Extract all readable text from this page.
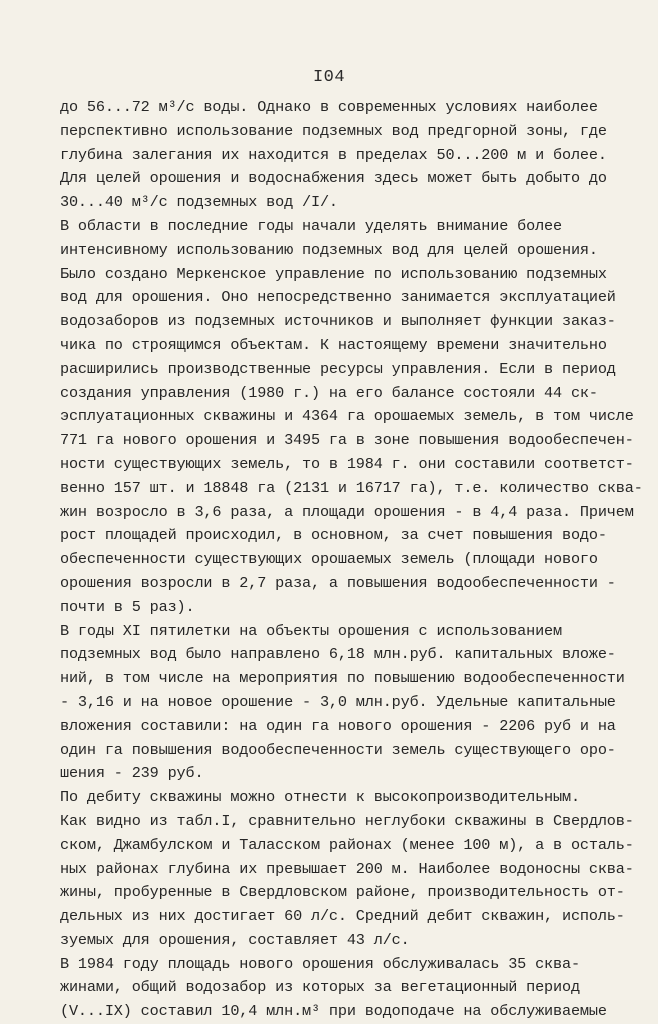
I04
до 56...72 м³/с воды. Однако в современных условиях наиболее
перспективно использование подземных вод предгорной зоны, где
глубина залегания их находится в пределах 50...200 м и более.
Для целей орошения и водоснабжения здесь может быть добыто до
30...40 м³/с подземных вод /I/.
В области в последние годы начали уделять внимание более
интенсивному использованию подземных вод для целей орошения.
Было создано Меркенское управление по использованию подземных
вод для орошения. Оно непосредственно занимается эксплуатацией
водозаборов из подземных источников и выполняет функции заказ-
чика по строящимся объектам. К настоящему времени значительно
расширились производственные ресурсы управления. Если в период
создания управления (1980 г.) на его балансе состояли 44 ск-
эсплуатационных скважины и 4364 га орошаемых земель, в том числе
771 га нового орошения и 3495 га в зоне повышения водообеспечен-
ности существующих земель, то в 1984 г. они составили соответст-
венно 157 шт. и 18848 га (2131 и 16717 га), т.е. количество сква-
жин возросло в 3,6 раза, а площади орошения - в 4,4 раза. Причем
рост площадей происходил, в основном, за счет повышения водо-
обеспеченности существующих орошаемых земель (площади нового
орошения возросли в 2,7 раза, а повышения водообеспеченности -
почти в 5 раз).
В годы XI пятилетки на объекты орошения с использованием
подземных вод было направлено 6,18 млн.руб. капитальных вложе-
ний, в том числе на мероприятия по повышению водообеспеченности
- 3,16 и на новое орошение - 3,0 млн.руб. Удельные капитальные
вложения составили: на один га нового орошения - 2206 руб и на
один га повышения водообеспеченности земель существующего оро-
шения - 239 руб.
По дебиту скважины можно отнести к высокопроизводительным.
Как видно из табл.I, сравнительно неглубоки скважины в Свердлов-
ском, Джамбулском и Таласском районах (менее 100 м), а в осталь-
ных районах глубина их превышает 200 м. Наиболее водоносны сква-
жины, пробуренные в Свердловском районе, производительность от-
дельных из них достигает 60 л/с. Средний дебит скважин, исполь-
зуемых для орошения, составляет 43 л/с.
В 1984 году площадь нового орошения обслуживалась 35 сква-
жинами, общий водозабор из которых за вегетационный период
(V...IX) составил 10,4 млн.м³ при водоподаче на обслуживаемые
